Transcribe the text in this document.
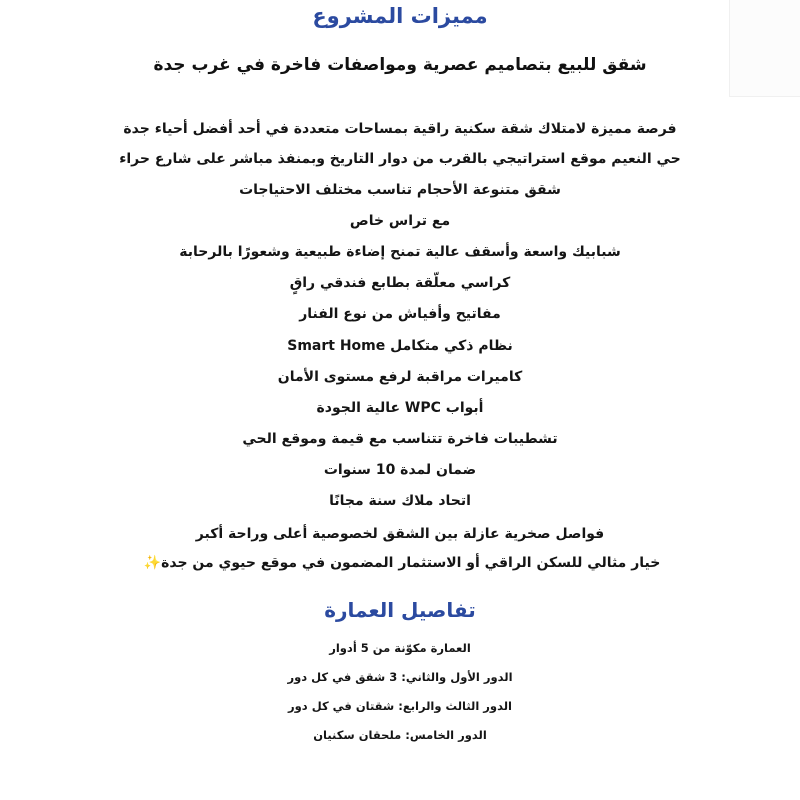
مميزات المشروع
شقق للبيع بتصاميم عصرية ومواصفات فاخرة في غرب جدة
فرصة مميزة لامتلاك شقة سكنية راقية بمساحات متعددة في أحد أفضل أحياء جدة
حي النعيم موقع استراتيجي بالقرب من دوار التاريخ وبمنفذ مباشر على شارع حراء
شقق متنوعة الأحجام تناسب مختلف الاحتياجات
مع تراس خاص
شبابيك واسعة وأسقف عالية تمنح إضاءة طبيعية وشعورًا بالرحابة
كراسي معلّقة بطابع فندقي راقٍ
مفاتيح وأفياش من نوع الفنار
نظام ذكي متكامل Smart Home
كاميرات مراقبة لرفع مستوى الأمان
أبواب WPC عالية الجودة
تشطيبات فاخرة تتناسب مع قيمة وموقع الحي
ضمان لمدة 10 سنوات
اتحاد ملاك سنة مجانًا
فواصل صخرية عازلة بين الشقق لخصوصية أعلى وراحة أكبر
خيار مثالي للسكن الراقي أو الاستثمار المضمون في موقع حيوي من جدة✨
تفاصيل العمارة
العمارة مكوّنة من 5 أدوار
الدور الأول والثاني: 3 شقق في كل دور
الدور الثالث والرابع: شقتان في كل دور
الدور الخامس: ملحقان سكنيان
